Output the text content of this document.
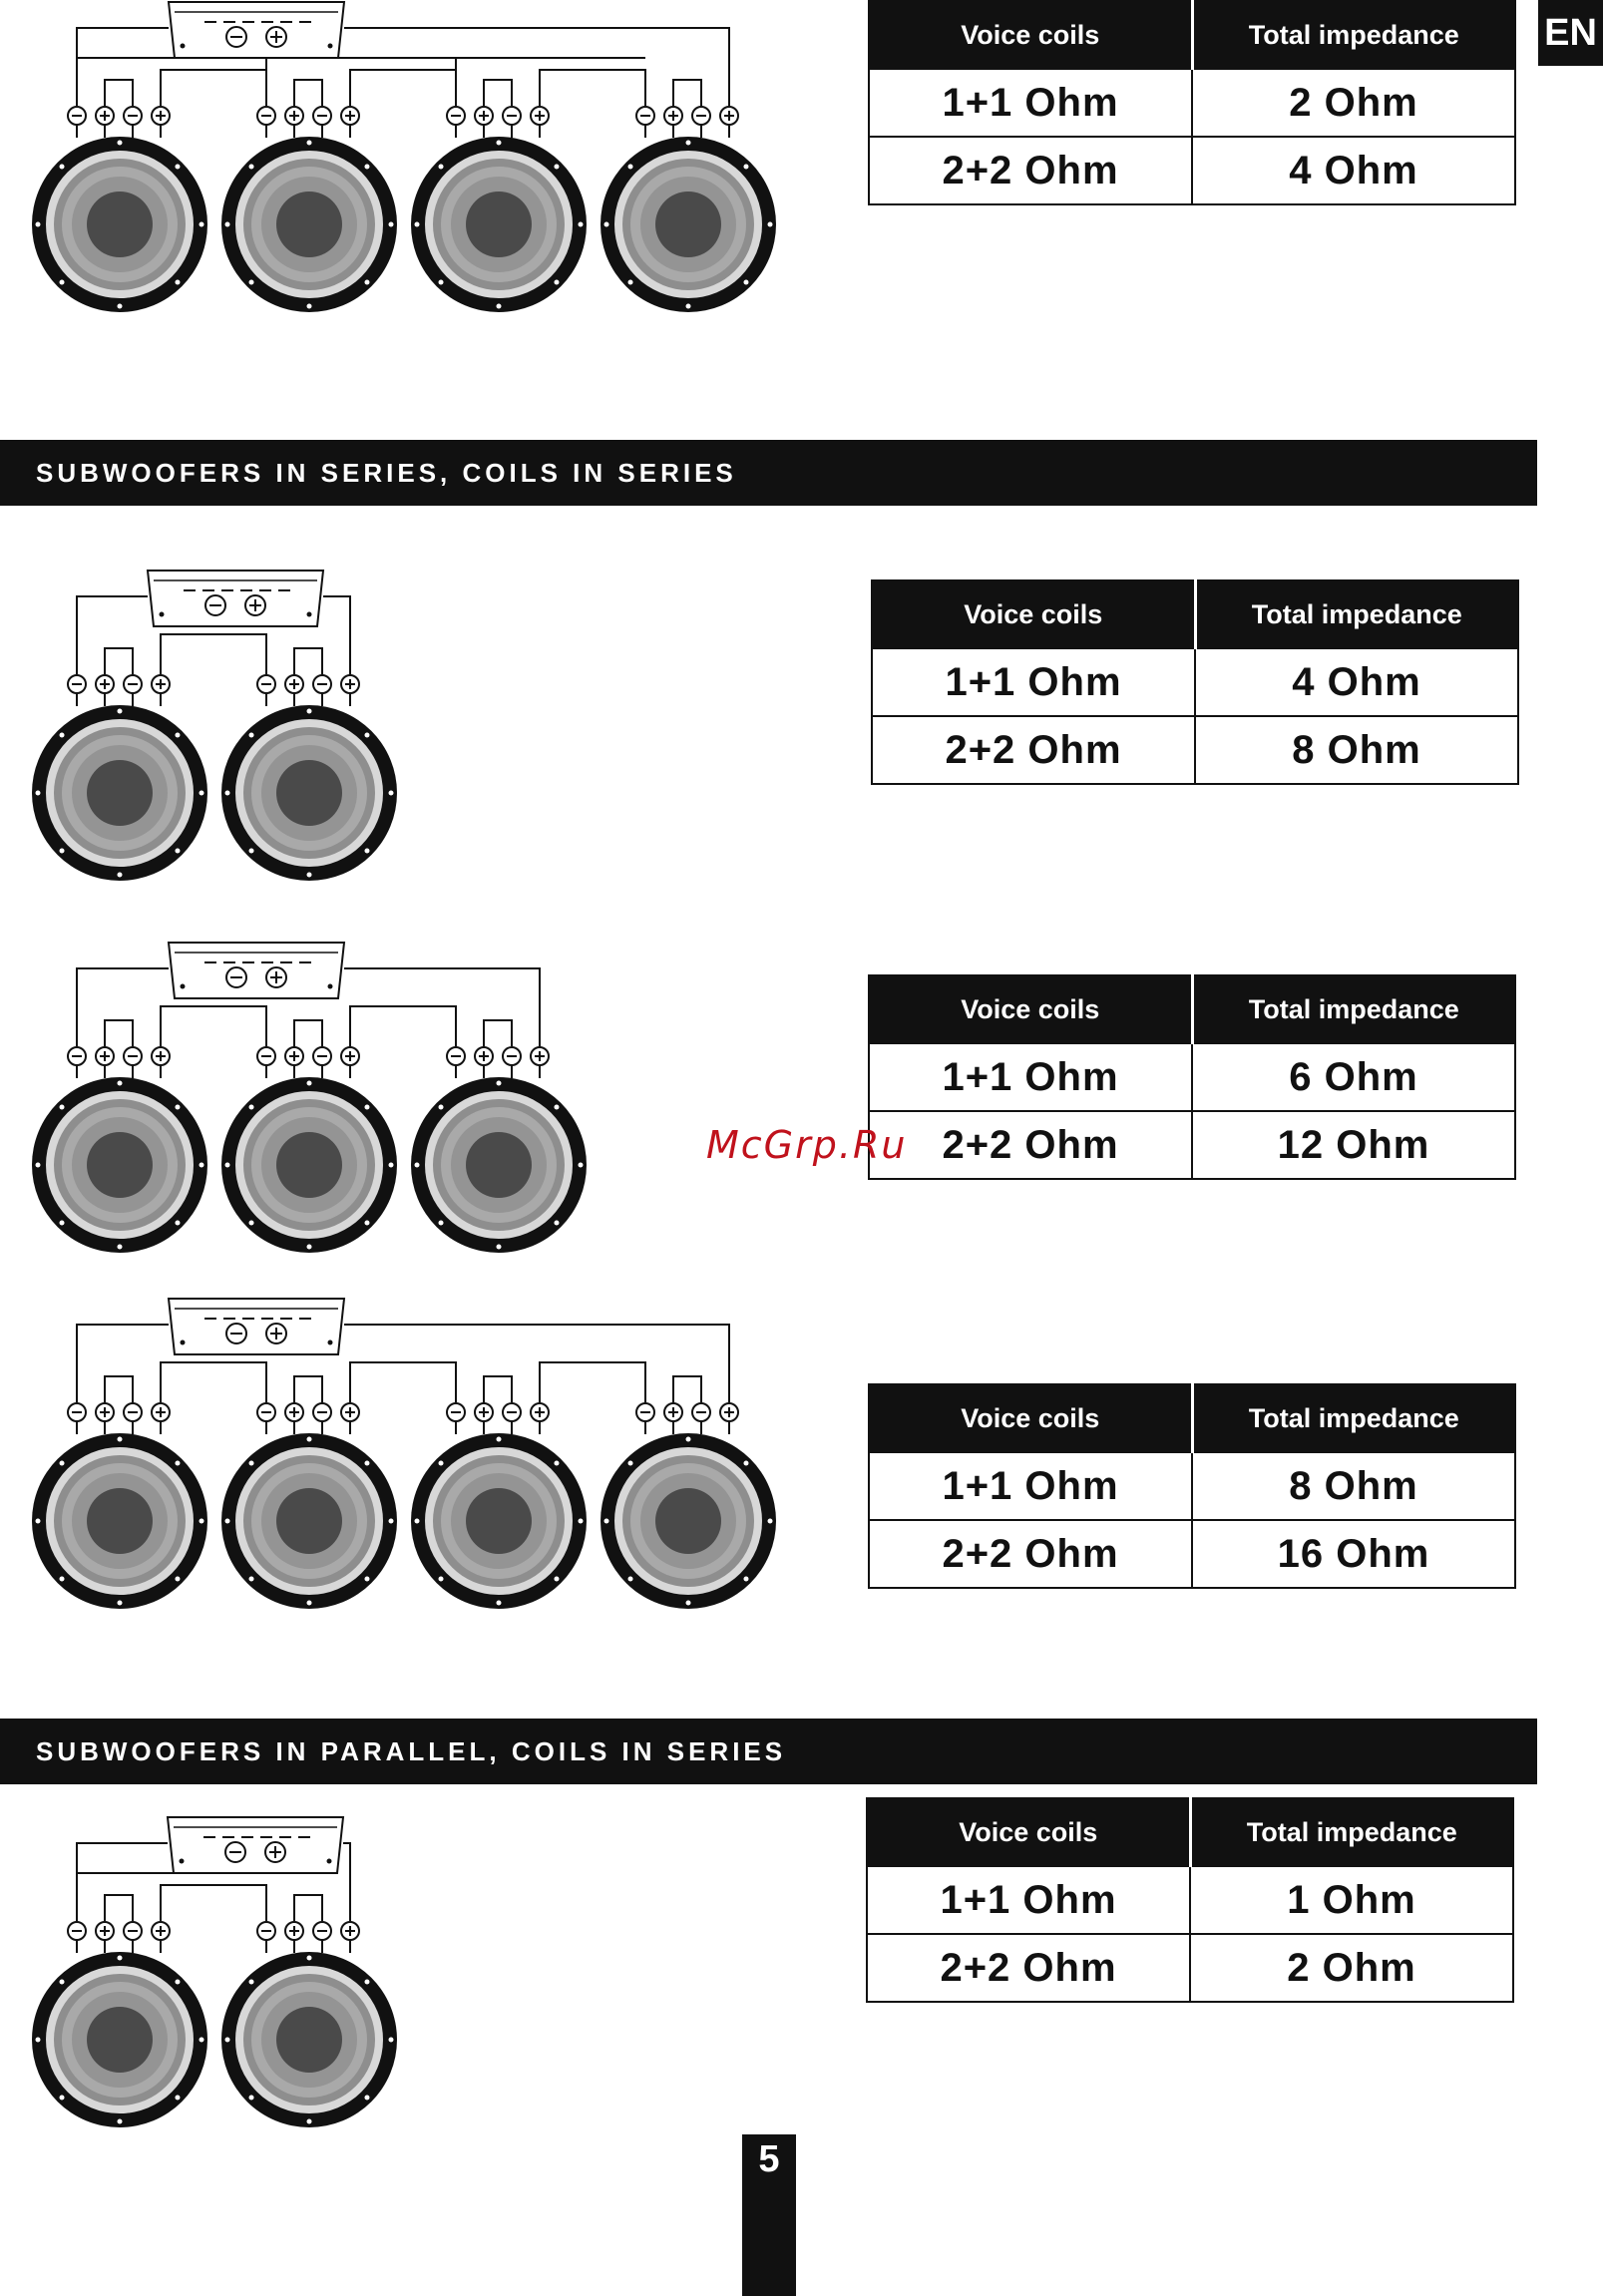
EN
SUBWOOFERS IN SERIES, COILS IN SERIES
SUBWOOFERS IN PARALLEL, COILS IN SERIES
Voice coils	Total impedance
1+1 Ohm	2 Ohm
2+2 Ohm	4 Ohm
Voice coils	Total impedance
1+1 Ohm	4 Ohm
2+2 Ohm	8 Ohm
Voice coils	Total impedance
1+1 Ohm	6 Ohm
2+2 Ohm	12 Ohm
Voice coils	Total impedance
1+1 Ohm	8 Ohm
2+2 Ohm	16 Ohm
Voice coils	Total impedance
1+1 Ohm	1 Ohm
2+2 Ohm	2 Ohm
McGrp.Ru
5
